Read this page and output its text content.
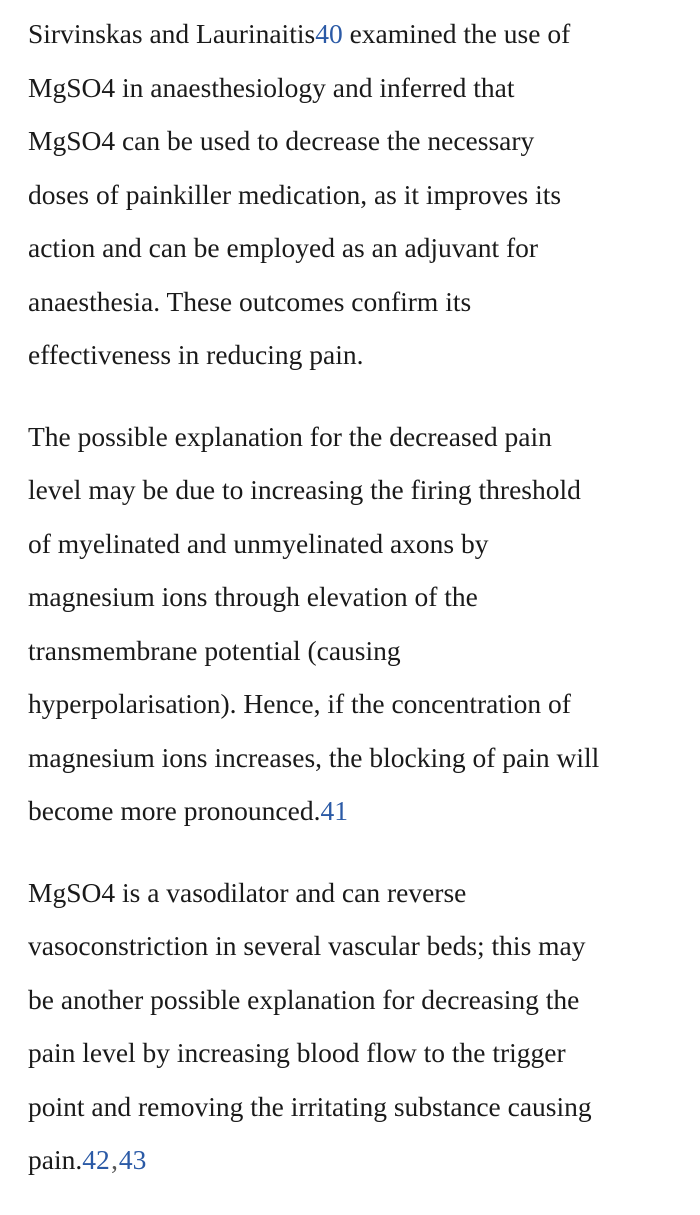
Sirvinskas and Laurinaitis40 examined the use of
MgSO4 in anaesthesiology and inferred that
MgSO4 can be used to decrease the necessary
doses of painkiller medication, as it improves its
action and can be employed as an adjuvant for
anaesthesia. These outcomes confirm its
effectiveness in reducing pain.

The possible explanation for the decreased pain
level may be due to increasing the firing threshold
of myelinated and unmyelinated axons by
magnesium ions through elevation of the
transmembrane potential (causing
hyperpolarisation). Hence, if the concentration of
magnesium ions increases, the blocking of pain will
become more pronounced.41

MgSO4 is a vasodilator and can reverse
vasoconstriction in several vascular beds; this may
be another possible explanation for decreasing the
pain level by increasing blood flow to the trigger
point and removing the irritating substance causing
pain.42‚43
